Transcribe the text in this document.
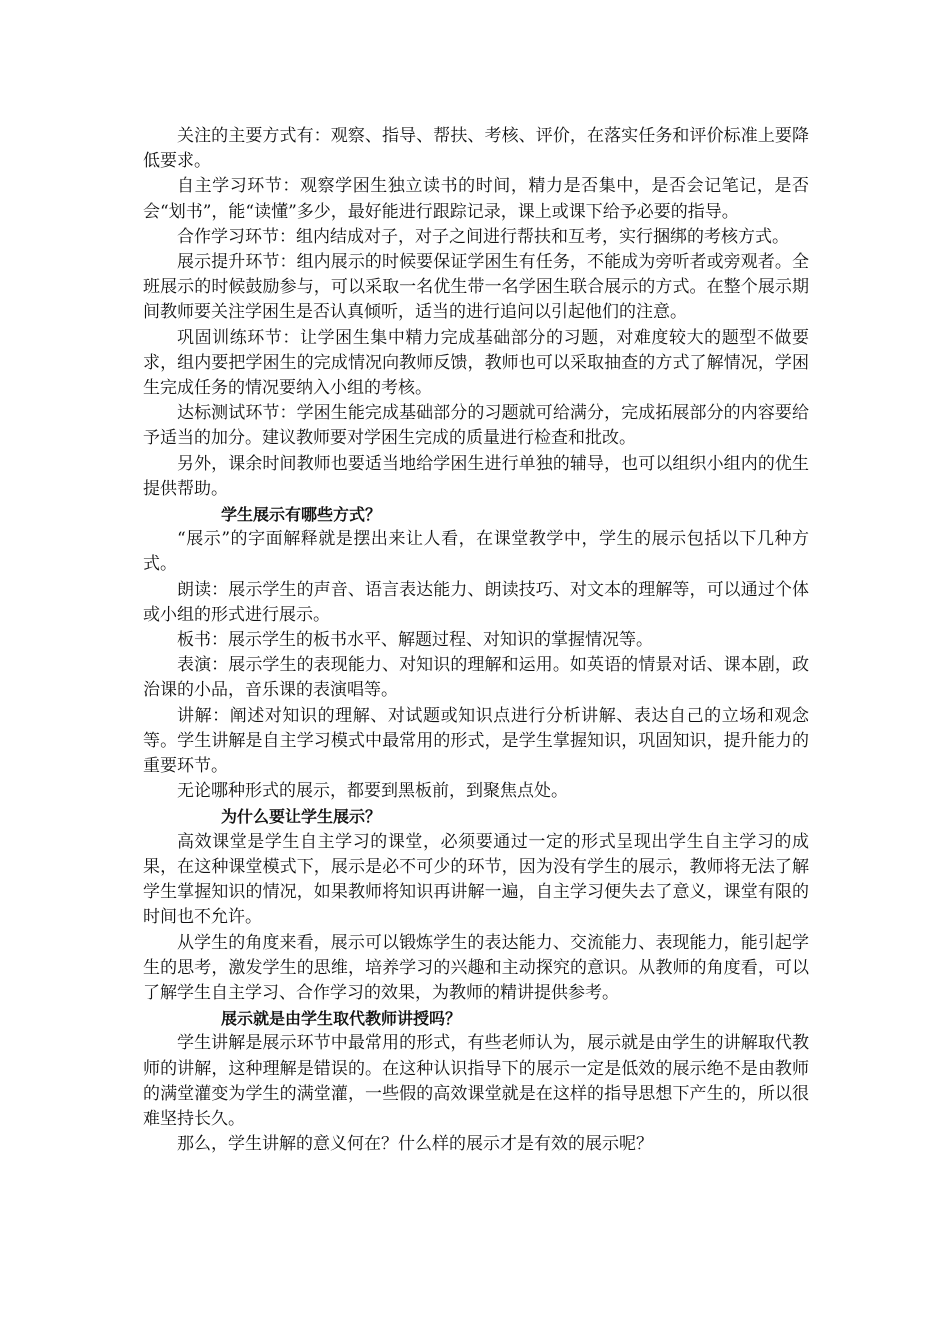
关注的主要方式有：观察、指导、帮扶、考核、评价，在落实任务和评价标准上要降低要求。

自主学习环节：观察学困生独立读书的时间，精力是否集中，是否会记笔记，是否会“划书”，能“读懂”多少，最好能进行跟踪记录，课上或课下给予必要的指导。

合作学习环节：组内结成对子，对子之间进行帮扶和互考，实行捆绑的考核方式。

展示提升环节：组内展示的时候要保证学困生有任务，不能成为旁听者或旁观者。全班展示的时候鼓励参与，可以采取一名优生带一名学困生联合展示的方式。在整个展示期间教师要关注学困生是否认真倾听，适当的进行追问以引起他们的注意。

巩固训练环节：让学困生集中精力完成基础部分的习题，对难度较大的题型不做要求，组内要把学困生的完成情况向教师反馈，教师也可以采取抽查的方式了解情况，学困生完成任务的情况要纳入小组的考核。

达标测试环节：学困生能完成基础部分的习题就可给满分，完成拓展部分的内容要给予适当的加分。建议教师要对学困生完成的质量进行检查和批改。

另外，课余时间教师也要适当地给学困生进行单独的辅导，也可以组织小组内的优生提供帮助。

学生展示有哪些方式？

“展示”的字面解释就是摆出来让人看，在课堂教学中，学生的展示包括以下几种方式。

朗读：展示学生的声音、语言表达能力、朗读技巧、对文本的理解等，可以通过个体或小组的形式进行展示。

板书：展示学生的板书水平、解题过程、对知识的掌握情况等。

表演：展示学生的表现能力、对知识的理解和运用。如英语的情景对话、课本剧，政治课的小品，音乐课的表演唱等。

讲解：阐述对知识的理解、对试题或知识点进行分析讲解、表达自己的立场和观念等。学生讲解是自主学习模式中最常用的形式，是学生掌握知识，巩固知识，提升能力的重要环节。

无论哪种形式的展示，都要到黑板前，到聚焦点处。

为什么要让学生展示？

高效课堂是学生自主学习的课堂，必须要通过一定的形式呈现出学生自主学习的成果，在这种课堂模式下，展示是必不可少的环节，因为没有学生的展示，教师将无法了解学生掌握知识的情况，如果教师将知识再讲解一遍，自主学习便失去了意义，课堂有限的时间也不允许。

从学生的角度来看，展示可以锻炼学生的表达能力、交流能力、表现能力，能引起学生的思考，激发学生的思维，培养学习的兴趣和主动探究的意识。从教师的角度看，可以了解学生自主学习、合作学习的效果，为教师的精讲提供参考。

展示就是由学生取代教师讲授吗？

学生讲解是展示环节中最常用的形式，有些老师认为，展示就是由学生的讲解取代教师的讲解，这种理解是错误的。在这种认识指导下的展示一定是低效的展示绝不是由教师的满堂灌变为学生的满堂灌，一些假的高效课堂就是在这样的指导思想下产生的，所以很难坚持长久。

那么，学生讲解的意义何在？什么样的展示才是有效的展示呢？
